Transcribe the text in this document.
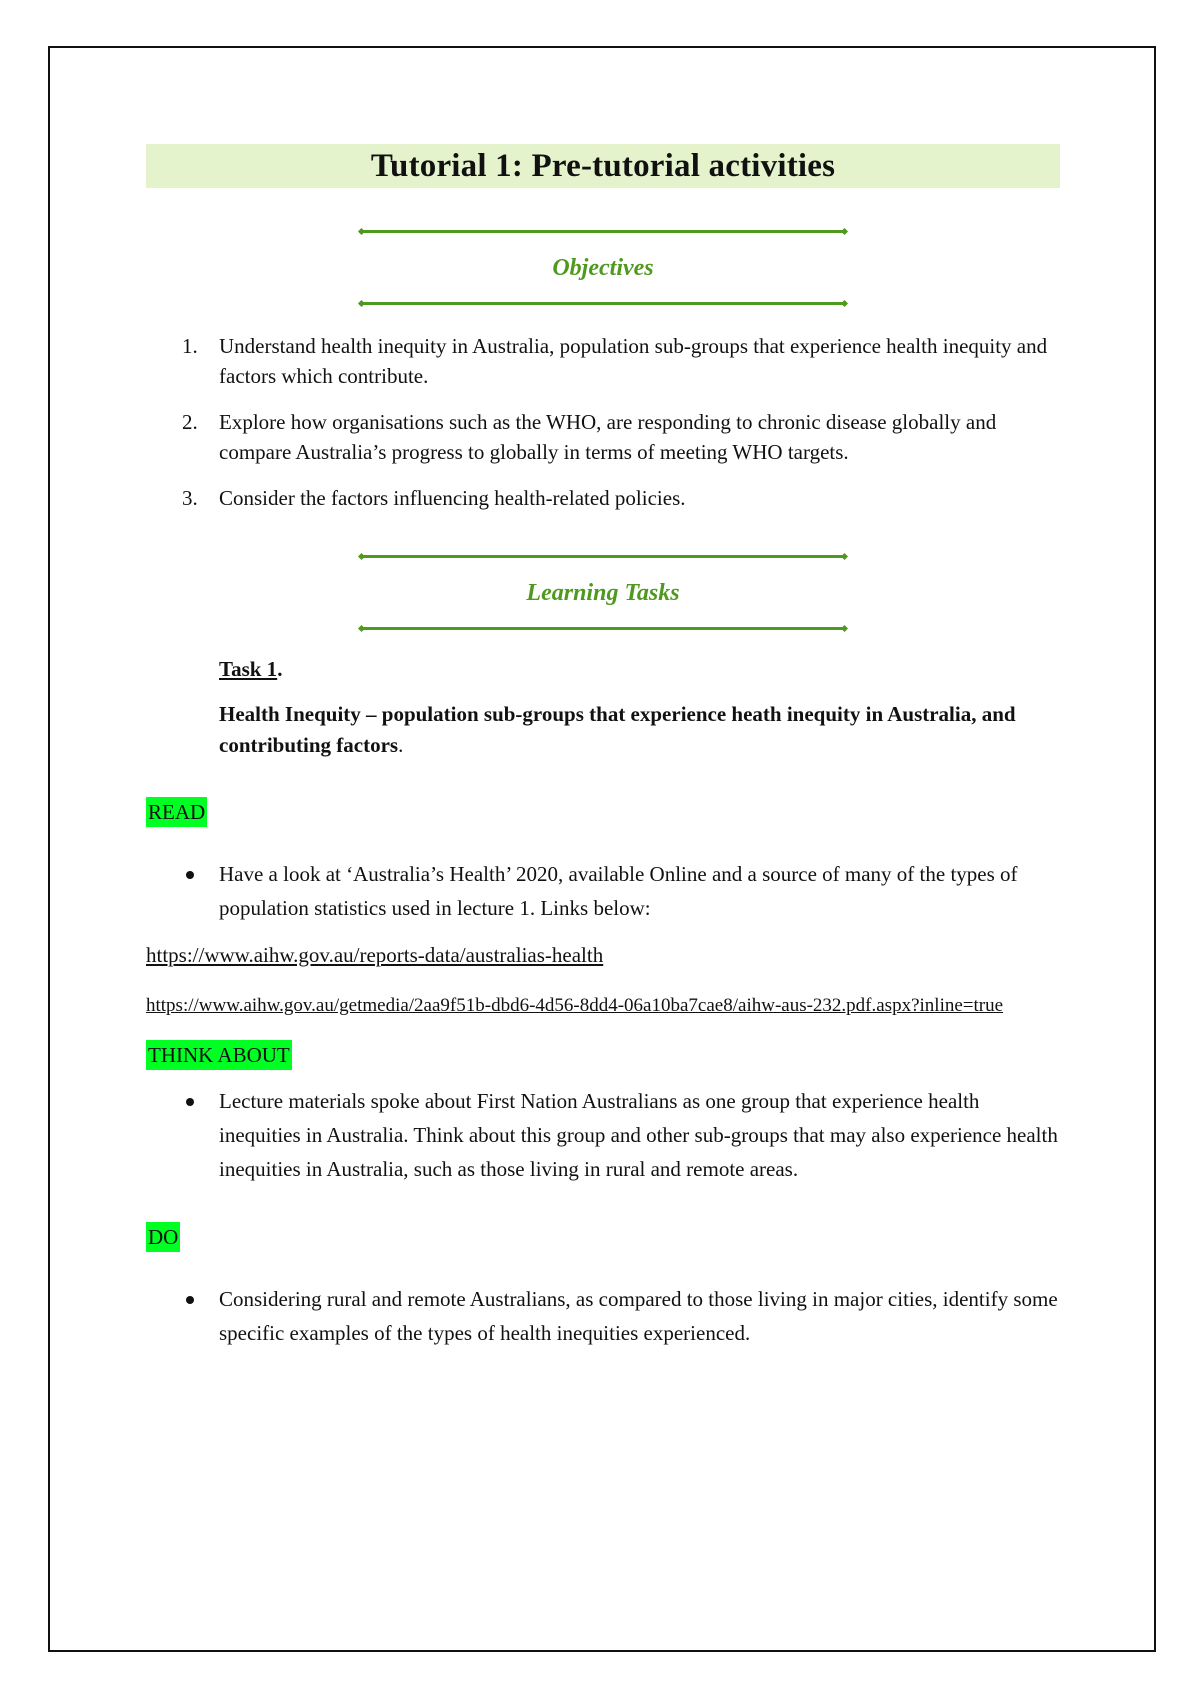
Tutorial 1: Pre-tutorial activities
Objectives
1. Understand health inequity in Australia, population sub-groups that experience health inequity and factors which contribute.
2. Explore how organisations such as the WHO, are responding to chronic disease globally and compare Australia’s progress to globally in terms of meeting WHO targets.
3. Consider the factors influencing health-related policies.
Learning Tasks
Task 1.
Health Inequity – population sub-groups that experience heath inequity in Australia, and contributing factors.
READ
Have a look at ‘Australia’s Health’ 2020, available Online and a source of many of the types of population statistics used in lecture 1. Links below:
https://www.aihw.gov.au/reports-data/australias-health
https://www.aihw.gov.au/getmedia/2aa9f51b-dbd6-4d56-8dd4-06a10ba7cae8/aihw-aus-232.pdf.aspx?inline=true
THINK ABOUT
Lecture materials spoke about First Nation Australians as one group that experience health inequities in Australia. Think about this group and other sub-groups that may also experience health inequities in Australia, such as those living in rural and remote areas.
DO
Considering rural and remote Australians, as compared to those living in major cities, identify some specific examples of the types of health inequities experienced.
